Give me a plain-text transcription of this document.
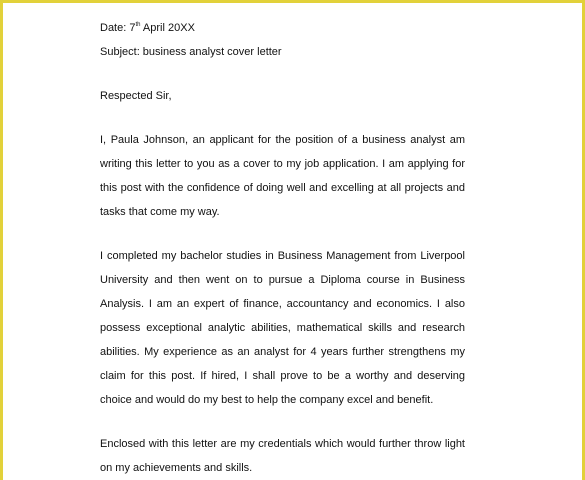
Date: 7th April 20XX

Subject: business analyst cover letter

Respected Sir,

I, Paula Johnson, an applicant for the position of a business analyst am writing this letter to you as a cover to my job application. I am applying for this post with the confidence of doing well and excelling at all projects and tasks that come my way.

I completed my bachelor studies in Business Management from Liverpool University and then went on to pursue a Diploma course in Business Analysis. I am an expert of finance, accountancy and economics. I also possess exceptional analytic abilities, mathematical skills and research abilities. My experience as an analyst for 4 years further strengthens my claim for this post. If hired, I shall prove to be a worthy and deserving choice and would do my best to help the company excel and benefit.

Enclosed with this letter are my credentials which would further throw light on my achievements and skills.
